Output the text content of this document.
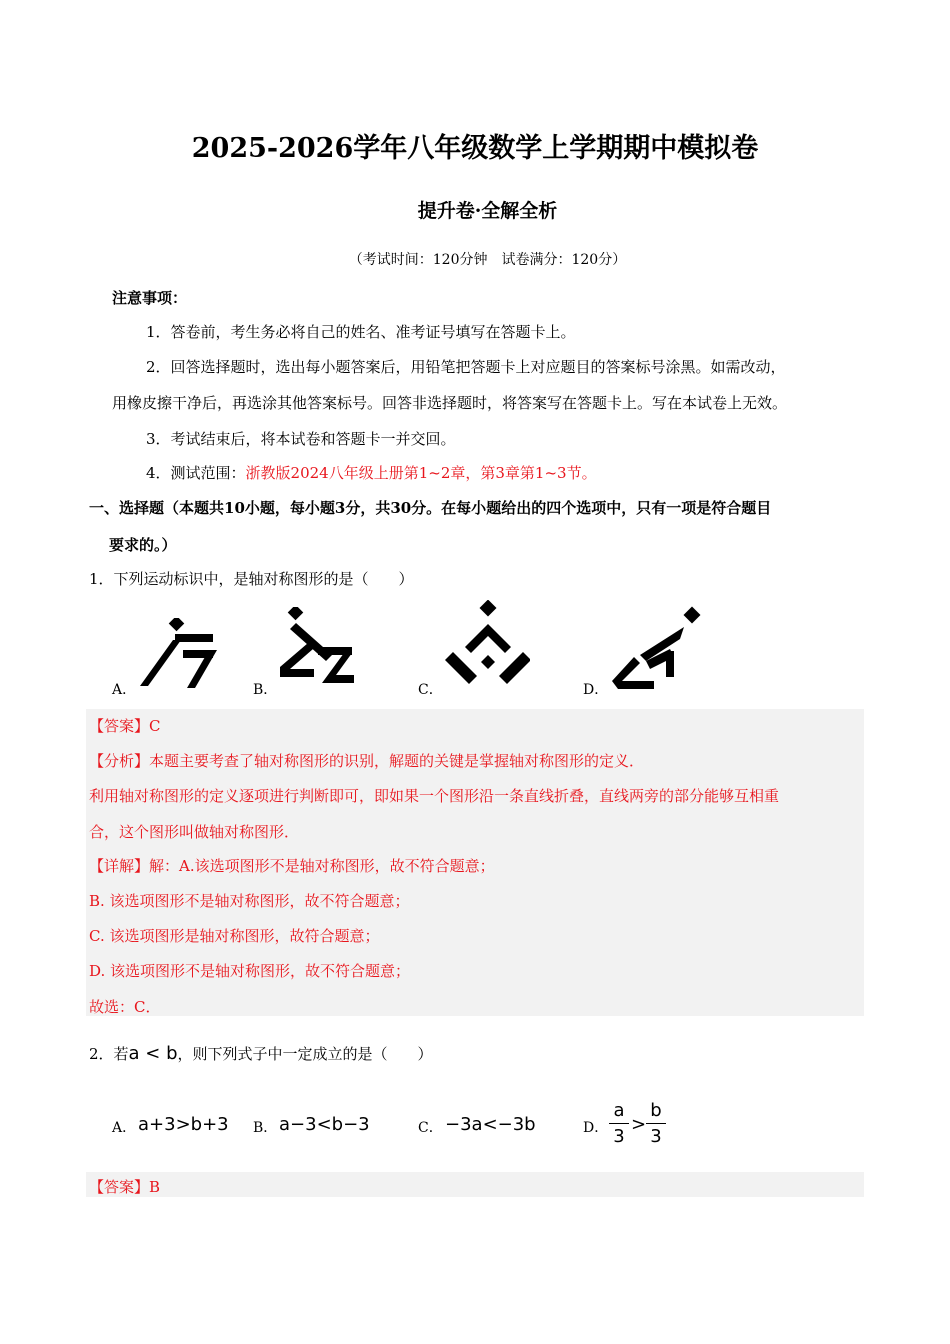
2025-2026学年八年级数学上学期期中模拟卷
提升卷·全解全析
（考试时间：120分钟　试卷满分：120分）
注意事项：
1．答卷前，考生务必将自己的姓名、准考证号填写在答题卡上。
2．回答选择题时，选出每小题答案后，用铅笔把答题卡上对应题目的答案标号涂黑。如需改动，
用橡皮擦干净后，再选涂其他答案标号。回答非选择题时，将答案写在答题卡上。写在本试卷上无效。
3．考试结束后，将本试卷和答题卡一并交回。
4．测试范围：浙教版2024八年级上册第1~2章，第3章第1~3节。
一、选择题（本题共10小题，每小题3分，共30分。在每小题给出的四个选项中，只有一项是符合题目
要求的。）
1．下列运动标识中，是轴对称图形的是（　　）
A．	B．	C．	D．
【答案】C
【分析】本题主要考查了轴对称图形的识别，解题的关键是掌握轴对称图形的定义．
利用轴对称图形的定义逐项进行判断即可，即如果一个图形沿一条直线折叠，直线两旁的部分能够互相重
合，这个图形叫做轴对称图形．
【详解】解：A.该选项图形不是轴对称图形，故不符合题意；
B. 该选项图形不是轴对称图形，故不符合题意；
C. 该选项图形是轴对称图形，故符合题意；
D. 该选项图形不是轴对称图形，故不符合题意；
故选：C．
2．若a < b，则下列式子中一定成立的是（　　）
A． a+3>b+3 B． a−3<b−3	C． −3a<−3b	D．
a
3
>
b
3
【答案】B
